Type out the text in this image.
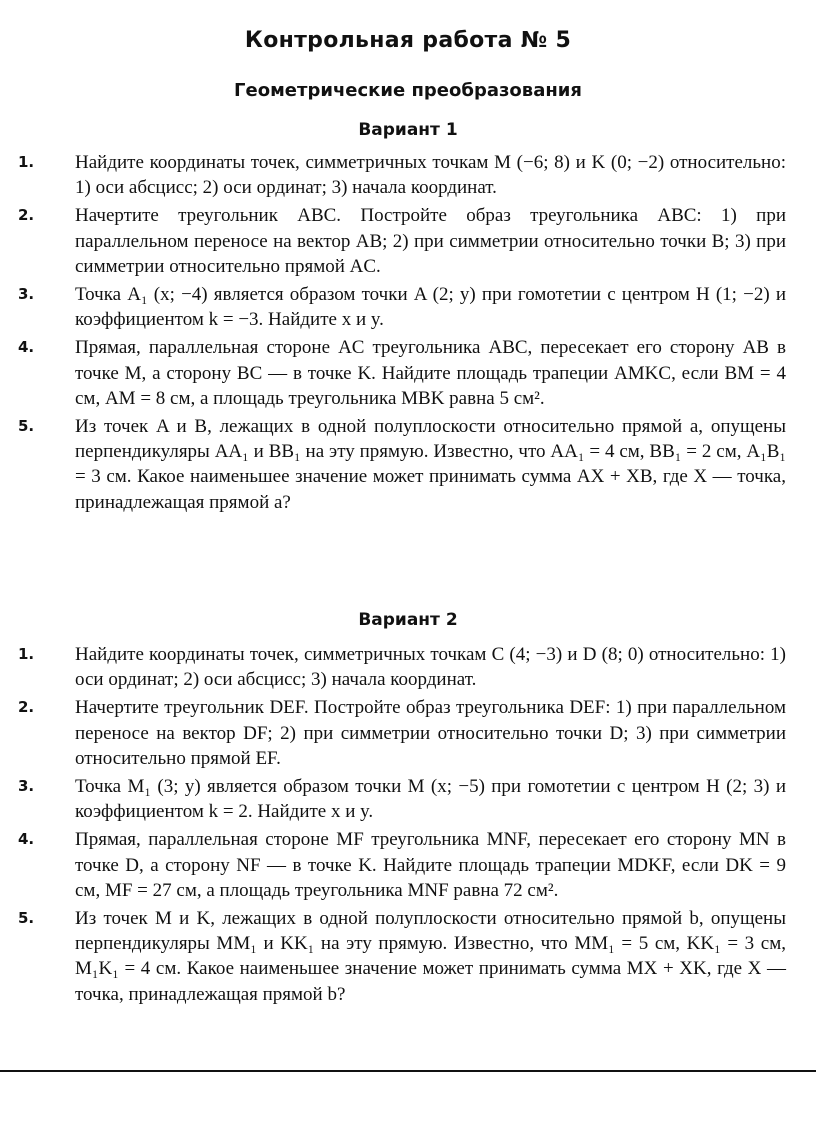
Контрольная работа № 5
Геометрические преобразования
Вариант 1
1. Найдите координаты точек, симметричных точкам M (−6; 8) и K (0; −2) относительно: 1) оси абсцисс; 2) оси ординат; 3) начала координат.
2. Начертите треугольник ABC. Постройте образ треугольника ABC: 1) при параллельном переносе на вектор AB; 2) при симметрии относительно точки B; 3) при симметрии относительно прямой AC.
3. Точка A₁ (x; −4) является образом точки A (2; y) при гомотетии с центром H (1; −2) и коэффициентом k = −3. Найдите x и y.
4. Прямая, параллельная стороне AC треугольника ABC, пересекает его сторону AB в точке M, а сторону BC — в точке K. Найдите площадь трапеции AMKC, если BM = 4 см, AM = 8 см, а площадь треугольника MBK равна 5 см².
5. Из точек A и B, лежащих в одной полуплоскости относительно прямой a, опущены перпендикуляры AA₁ и BB₁ на эту прямую. Известно, что AA₁ = 4 см, BB₁ = 2 см, A₁B₁ = 3 см. Какое наименьшее значение может принимать сумма AX + XB, где X — точка, принадлежащая прямой a?
Вариант 2
1. Найдите координаты точек, симметричных точкам C (4; −3) и D (8; 0) относительно: 1) оси ординат; 2) оси абсцисс; 3) начала координат.
2. Начертите треугольник DEF. Постройте образ треугольника DEF: 1) при параллельном переносе на вектор DF; 2) при симметрии относительно точки D; 3) при симметрии относительно прямой EF.
3. Точка M₁ (3; y) является образом точки M (x; −5) при гомотетии с центром H (2; 3) и коэффициентом k = 2. Найдите x и y.
4. Прямая, параллельная стороне MF треугольника MNF, пересекает его сторону MN в точке D, а сторону NF — в точке K. Найдите площадь трапеции MDKF, если DK = 9 см, MF = 27 см, а площадь треугольника MNF равна 72 см².
5. Из точек M и K, лежащих в одной полуплоскости относительно прямой b, опущены перпендикуляры MM₁ и KK₁ на эту прямую. Известно, что MM₁ = 5 см, KK₁ = 3 см, M₁K₁ = 4 см. Какое наименьшее значение может принимать сумма MX + XK, где X — точка, принадлежащая прямой b?
